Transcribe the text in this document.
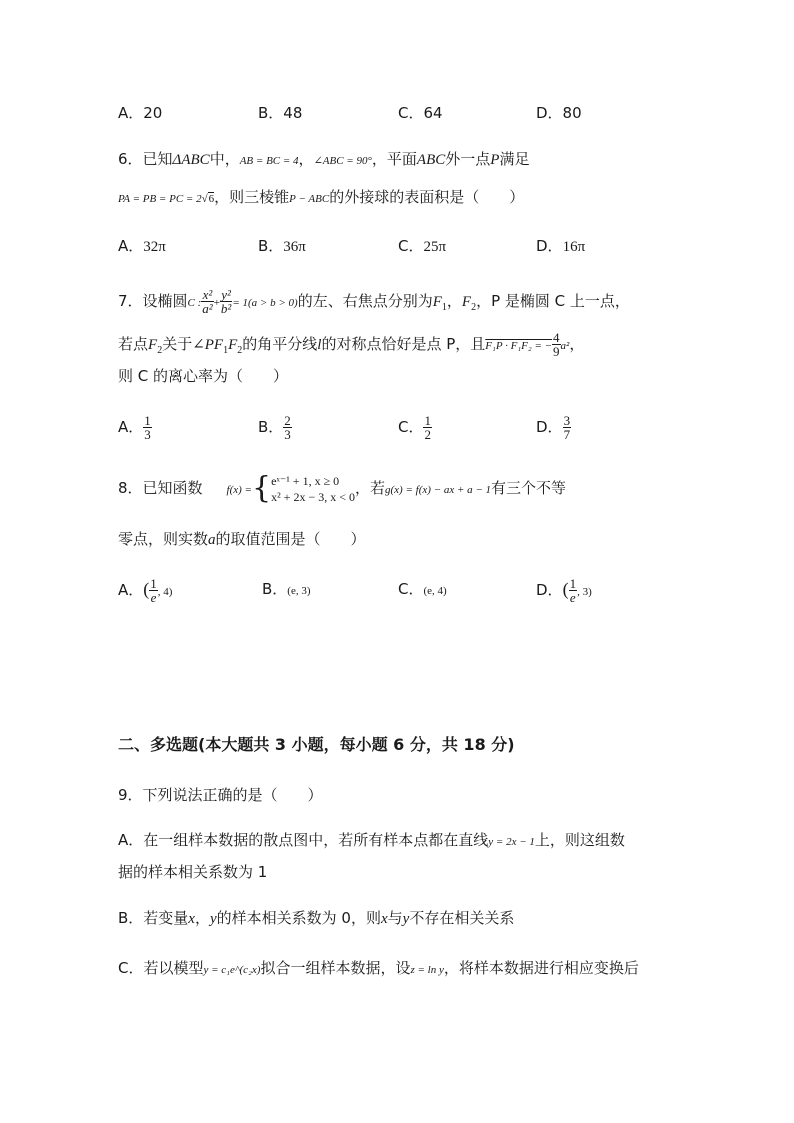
A．20	B．48	C．64	D．80
6．已知ΔABC中，AB = BC = 4，∠ABC = 90°，平面ABC外一点P满足
PA = PB = PC = 2√6，则三棱锥P − ABC的外接球的表面积是（　　）
A．32π	B．36π	C．25π	D．16π
7．设椭圆C : $\frac{\text{x²}}{\text{a²}} + \frac{\text{y²}}{\text{b²}} = 1(a > b > 0)$的左、右焦点分别为$F_1$，$F_2$，P 是椭圆 C 上一点，
若点$F_2$关于$\angle PF_1F_2$的角平分线l的对称点恰好是点 P，且F₁P · F₁F₂ = − $\frac{4}{9} a^2$，
则 C 的离心率为（　　）
A． $\frac{1}{3}$	B． $\frac{2}{3}$	C． $\frac{1}{2}$	D． $\frac{3}{7}$
8．已知函数 f(x) ={ eˣ⁻¹ + 1, x ≥ 0
x² + 2x − 3, x < 0 ，若g(x) = f(x) − ax + a − 1有三个不等
零点，则实数a的取值范围是（　　）
A．( $\frac{1}{e}$ , 4)	B．(e, 3)	C．(e, 4)	D．( $\frac{1}{e}$ , 3)
二、多选题(本大题共 3 小题，每小题 6 分，共 18 分)
9．下列说法正确的是（　　）
A．在一组样本数据的散点图中，若所有样本点都在直线y = 2x − 1上，则这组数
据的样本相关系数为 1
B．若变量x，y的样本相关系数为 0，则x与y不存在相关关系
C．若以模型y = c₁e^(c₂x)拟合一组样本数据，设z = ln y，将样本数据进行相应变换后
